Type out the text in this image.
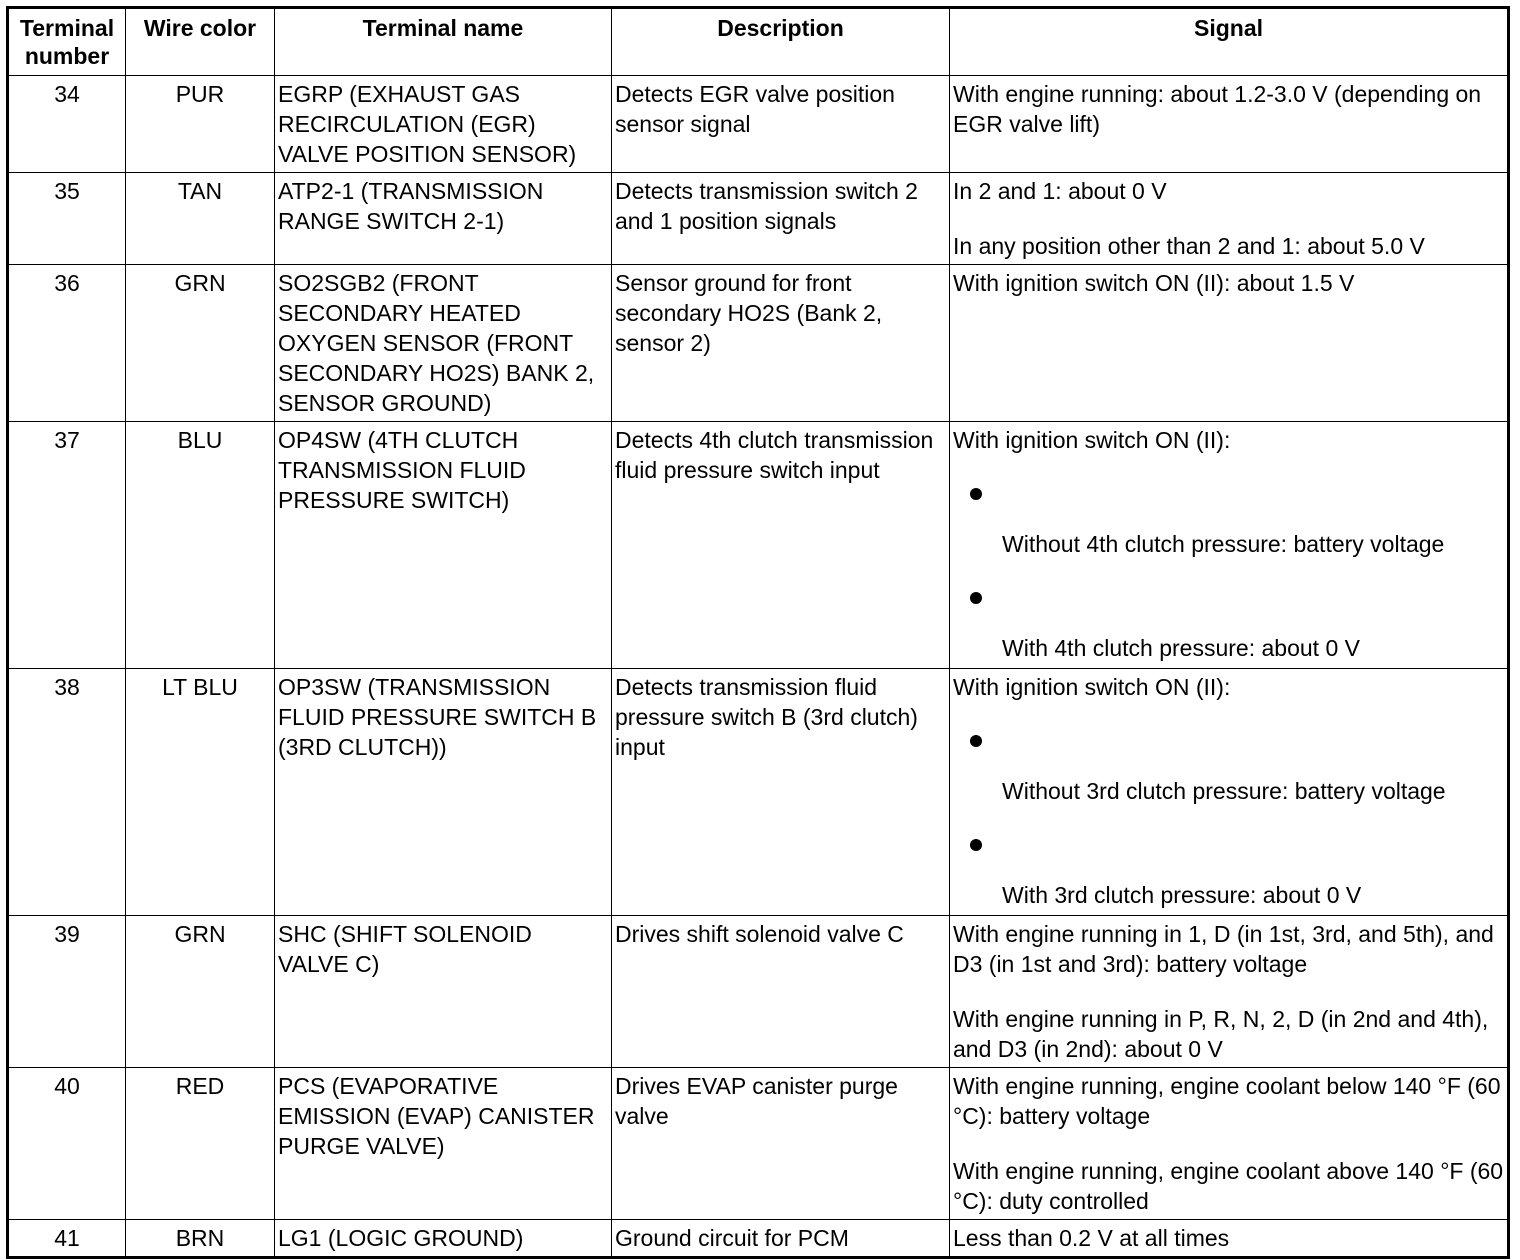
Terminal number	Wire color	Terminal name	Description	Signal
34	PUR	EGRP (EXHAUST GAS RECIRCULATION (EGR) VALVE POSITION SENSOR)	Detects EGR valve position sensor signal	With engine running: about 1.2-3.0 V (depending on EGR valve lift)

35	TAN	ATP2-1 (TRANSMISSION RANGE SWITCH 2-1)	Detects transmission switch 2 and 1 position signals	In 2 and 1: about 0 V
In any position other than 2 and 1: about 5.0 V

36	GRN	SO2SGB2 (FRONT SECONDARY HEATED OXYGEN SENSOR (FRONT SECONDARY HO2S) BANK 2, SENSOR GROUND)	Sensor ground for front secondary HO2S (Bank 2, sensor 2)	With ignition switch ON (II): about 1.5 V

37	BLU	OP4SW (4TH CLUTCH TRANSMISSION FLUID PRESSURE SWITCH)	Detects 4th clutch transmission fluid pressure switch input	With ignition switch ON (II):
Without 4th clutch pressure: battery voltage
With 4th clutch pressure: about 0 V

38	LT BLU	OP3SW (TRANSMISSION FLUID PRESSURE SWITCH B (3RD CLUTCH))	Detects transmission fluid pressure switch B (3rd clutch) input	With ignition switch ON (II):
Without 3rd clutch pressure: battery voltage
With 3rd clutch pressure: about 0 V

39	GRN	SHC (SHIFT SOLENOID VALVE C)	Drives shift solenoid valve C	With engine running in 1, D (in 1st, 3rd, and 5th), and D3 (in 1st and 3rd): battery voltage
With engine running in P, R, N, 2, D (in 2nd and 4th), and D3 (in 2nd): about 0 V

40	RED	PCS (EVAPORATIVE EMISSION (EVAP) CANISTER PURGE VALVE)	Drives EVAP canister purge valve	With engine running, engine coolant below 140 °F (60 °C): battery voltage
With engine running, engine coolant above 140 °F (60 °C): duty controlled

41	BRN	LG1 (LOGIC GROUND)	Ground circuit for PCM	Less than 0.2 V at all times
